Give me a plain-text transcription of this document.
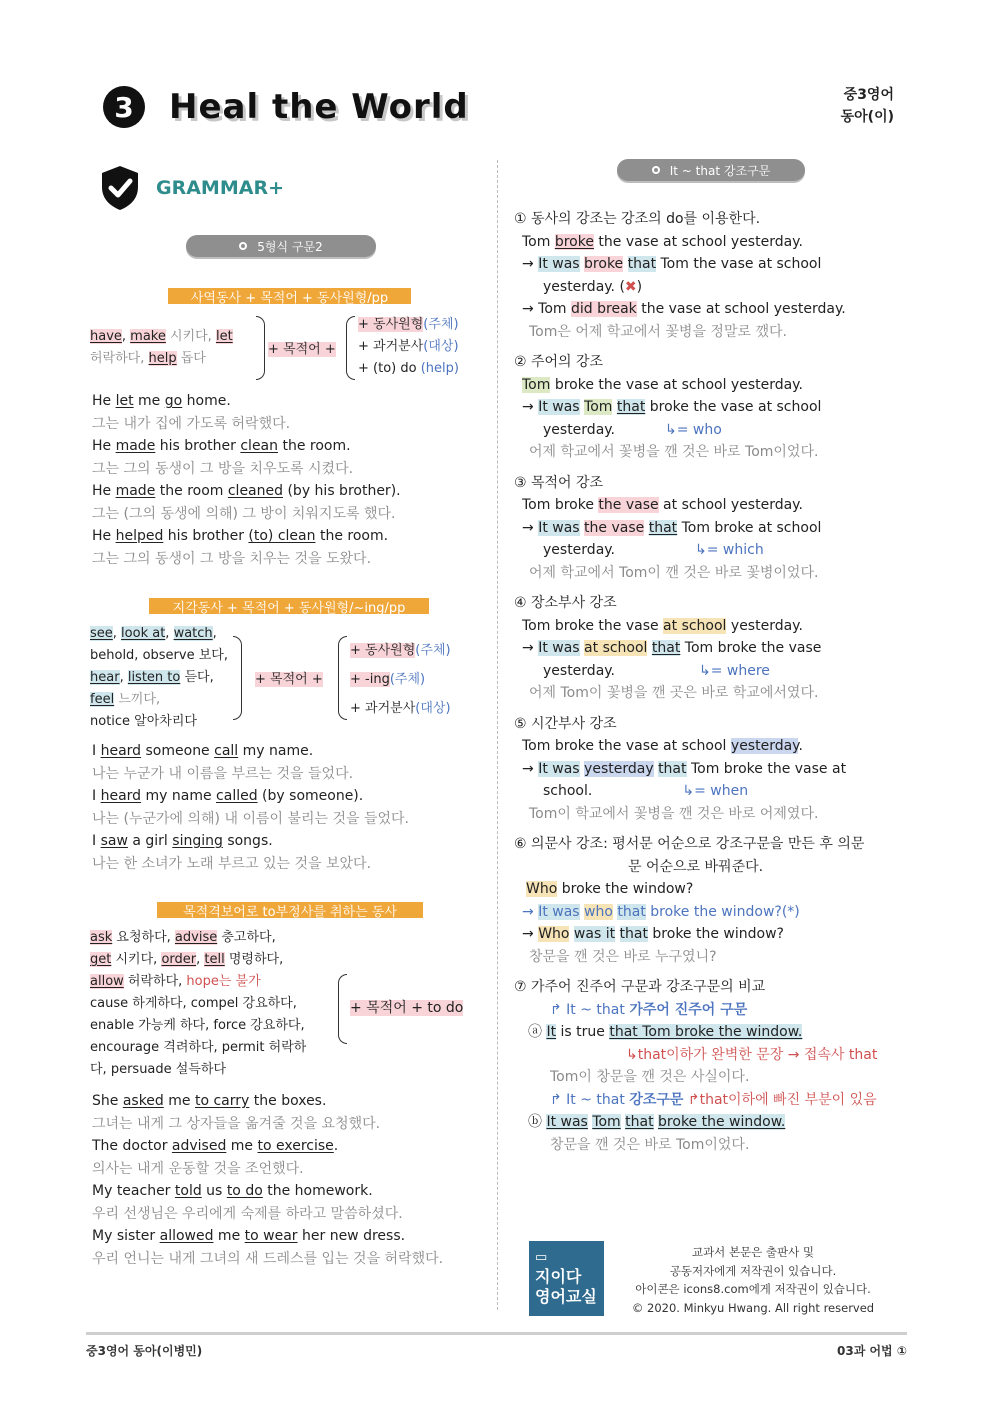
3	Heal the World	중3영어
동아(이)
GRAMMAR+
5형식 구문2
사역동사 + 목적어 + 동사원형/pp
have, make 시키다, let
허락하다, help 돕다
+ 목적어 +
+ 동사원형(주체)
+ 과거분사(대상)
+ (to) do (help)
He let me go home.
그는 내가 집에 가도록 허락했다.
He made his brother clean the room.
그는 그의 동생이 그 방을 치우도록 시켰다.
He made the room cleaned (by his brother).
그는 (그의 동생에 의해) 그 방이 치워지도록 했다.
He helped his brother (to) clean the room.
그는 그의 동생이 그 방을 치우는 것을 도왔다.
지각동사 + 목적어 + 동사원형/~ing/pp
see, look at, watch,
behold, observe 보다,
hear, listen to 듣다,
feel 느끼다,
notice 알아차리다
+ 목적어 +
+ 동사원형(주체)
+ -ing(주체)
+ 과거분사(대상)
I heard someone call my name.
나는 누군가 내 이름을 부르는 것을 들었다.
I heard my name called (by someone).
나는 (누군가에 의해) 내 이름이 불리는 것을 들었다.
I saw a girl singing songs.
나는 한 소녀가 노래 부르고 있는 것을 보았다.
목적격보어로 to부정사를 취하는 동사
ask 요청하다, advise 충고하다,
get 시키다, order, tell 명령하다,
allow 허락하다, hope는 불가
cause 하게하다, compel 강요하다,
enable 가능케 하다, force 강요하다,
encourage 격려하다, permit 허락하
다, persuade 설득하다
+ 목적어 + to do
She asked me to carry the boxes.
그녀는 내게 그 상자들을 옮겨줄 것을 요청했다.
The doctor advised me to exercise.
의사는 내게 운동할 것을 조언했다.
My teacher told us to do the homework.
우리 선생님은 우리에게 숙제를 하라고 말씀하셨다.
My sister allowed me to wear her new dress.
우리 언니는 내게 그녀의 새 드레스를 입는 것을 허락했다.
It ~ that 강조구문
① 동사의 강조는 강조의 do를 이용한다.
Tom broke the vase at school yesterday.
→ It was broke that Tom the vase at school
yesterday. (✖)
→ Tom did break the vase at school yesterday.
Tom은 어제 학교에서 꽃병을 정말로 깼다.
② 주어의 강조
Tom broke the vase at school yesterday.
→ It was Tom that broke the vase at school
yesterday.	↳= who
어제 학교에서 꽃병을 깬 것은 바로 Tom이었다.
③ 목적어 강조
Tom broke the vase at school yesterday.
→ It was the vase that Tom broke at school
yesterday.	↳= which
어제 학교에서 Tom이 깬 것은 바로 꽃병이었다.
④ 장소부사 강조
Tom broke the vase at school yesterday.
→ It was at school that Tom broke the vase
yesterday.	↳= where
어제 Tom이 꽃병을 깬 곳은 바로 학교에서였다.
⑤ 시간부사 강조
Tom broke the vase at school yesterday.
→ It was yesterday that Tom broke the vase at
school.	↳= when
Tom이 학교에서 꽃병을 깬 것은 바로 어제였다.
⑥ 의문사 강조: 평서문 어순으로 강조구문을 만든 후 의문
문 어순으로 바꿔준다.
Who broke the window?
→ It was who that broke the window?(*)
→ Who was it that broke the window?
창문을 깬 것은 바로 누구였니?
⑦ 가주어 진주어 구문과 강조구문의 비교
↱ It ~ that 가주어 진주어 구문
ⓐ It is true that Tom broke the window.
↳that이하가 완벽한 문장 → 접속사 that
Tom이 창문을 깬 것은 사실이다.
↱ It ~ that 강조구문 ↱that이하에 빠진 부분이 있음
ⓑ It was Tom that broke the window.
창문을 깬 것은 바로 Tom이었다.
▭
지이다
영어교실
교과서 본문은 출판사 및
공동저자에게 저작권이 있습니다.
아이콘은 icons8.com에게 저작권이 있습니다.
© 2020. Minkyu Hwang. All right reserved
중3영어 동아(이병민)	03과 어법 ①
